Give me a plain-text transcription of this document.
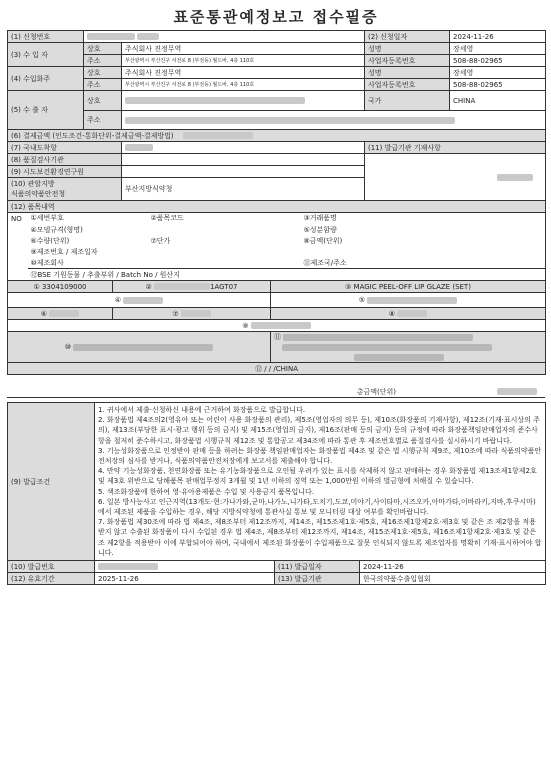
표준통관예정보고 접수필증
(1) 신청번호			(2) 신청일자	2024-11-26
(3) 수 입 자	상호	주식회사 진정무역	성명	장세영
	주소	부산광역시 부산진구 서전로 8 (부전동) 월드바, 4층 110호	사업자등록번호	508-88-02965
(4) 수입화주	상호	주식회사 진정무역	성명	장세영
	주소	부산광역시 부산진구 서전로 8 (부전동) 월드바, 4층 110호	사업자등록번호	508-88-02965
(5) 수 출 자	상호		국가	CHINA
	주소			
(6) 결제금액 (인도조건-통화단위-결제금액-결제방법)				
(7) 국내도착항			(11) 발급기관 기재사항	
(8) 품질검사기관				
(9) 시도보건환경연구원				
(10) 관할지방
식품의약품안전청		부산지방식약청		
(12) 품목내역				
NO	①세번부호	②품목코드	③거래품명
	④모델규격(형명)		⑤성분함량
	⑥수량(단위)	⑦단가	⑧금액(단위)
	⑨제조번호 / 제조일자		
	⑩제조회사		⑪제조국/주소
	⑫BSE 기원동물 / 추출부위 / Batch No / 원산지		
① 3304109000	② 1AGT07	③ MAGIC PEEL-OFF LIP GLAZE (SET)
④		⑤
⑥	⑦	⑧
⑨		
⑩		⑪

⑫ / / /CHINA		
총금액(단위)	
(9) 발급조건	
1. 귀사에서 제출·신청하신 내용에 근거하여 화장품으로 발급합니다.
2. 화장품법 제4조의2(영유아 또는 어린이 사용 화장품의 관리), 제5조(영업자의 의무 등), 제10조(화장품의 기재사항), 제12조(기재·표시상의 주의), 제13조(부당한 표시·광고 행위 등의 금지) 및 제15조(영업의 금지), 제16조(판매 등의 금지) 등의 규정에 따라 화장품책임판매업자의 준수사항을 철저히 준수하시고, 화장품법 시행규칙 제12조 및 통합공고 제34조에 따라 통관 후 제조번호별로 품질검사를 실시하시기 바랍니다.
3. 기능성화장품으로 인정받아 판매 등을 하려는 화장품 책임판매업자는 화장품법 제4조 및 같은 법 시행규칙 제9조, 제10조에 따라 식품의약품안전처장의 심사를 받거나, 식품의약품안전처장에게 보고서를 제출해야 합니다.
4. 만약 기능성화장품, 천연화장품 또는 유기농화장품으로 오인될 우려가 있는 표시를 삭제하지 않고 판매하는 경우 화장품법 제13조제1항제2호 및 제3호 위반으로 당해품목 판매업무정지 3개월 및 1년 이하의 징역 또는 1,000만원 이하의 벌금형에 처해질 수 있습니다.
5. 색조화장품에 한하여 영·유아용제품은 수입 및 사용금지 품목입니다.
6. 일본 방사능사고 인근지역(13개도·현:가나가와,군마,나가노,니가타,도치기,도쿄,미야기,사이타마,시즈오카,아마가타,이바라키,지바,후쿠시마)에서 제조된 제품을 수입하는 경우, 해당 지방식약청에 통관사실 통보 및 모니터링 대상 여부를 확인바랍니다.
7. 화장품법 제30조에 따라 법 제4조, 제8조부터 제12조까지, 제14조, 제15조제1호·제5호, 제16조제1항제2호·제3호 및 같은 조 제2항을 적용받지 않고 수출된 화장품이 다시 수입된 경우 법 제4조, 제8조부터 제12조까지, 제14조, 제15조제1호·제5호, 제16조제1항제2호·제3호 및 같은 조 제2항을 적용받아 이에 부합되어야 하며, 국내에서 제조된 화장품이 수입제품으로 잘못 인식되지 않도록 제조업자를 명확히 기재·표시하여야 합니다.
(10) 발급번호		(11) 발급일자	2024-11-26
(12) 유효기간	2025-11-26	(13) 발급기관	한국의약품수출입협회
